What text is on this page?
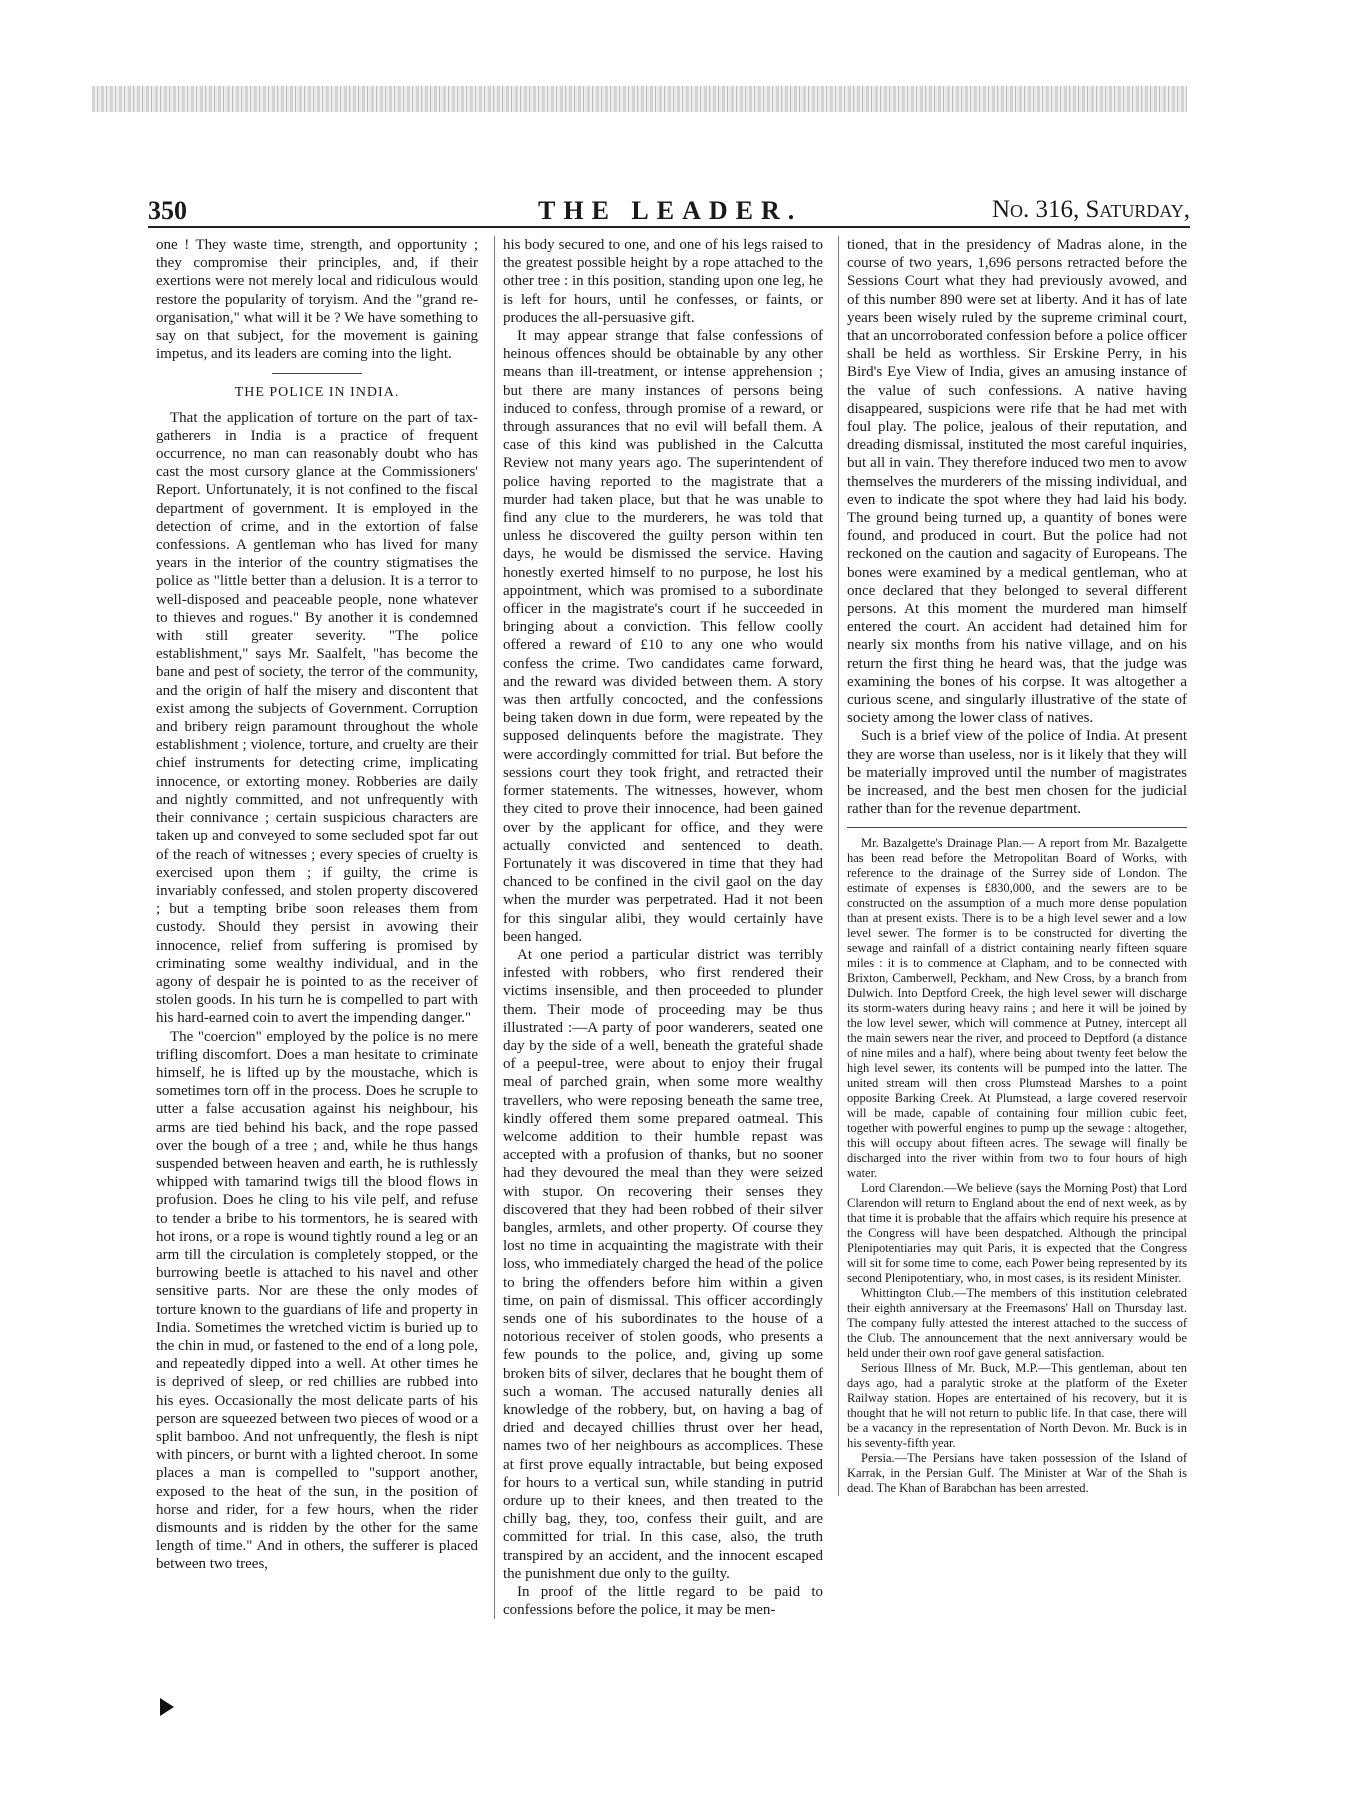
350	THE LEADER.	No. 316, Saturday,

one ! They waste time, strength, and opportunity ; they compromise their principles, and, if their exertions were not merely local and ridiculous would restore the popularity of toryism. And the "grand re-organisation," what will it be ? We have something to say on that subject, for the movement is gaining impetus, and its leaders are coming into the light.

THE POLICE IN INDIA.

That the application of torture on the part of tax-gatherers in India is a practice of frequent occurrence, no man can reasonably doubt who has cast the most cursory glance at the Commissioners' Report. Unfortunately, it is not confined to the fiscal department of government. It is employed in the detection of crime, and in the extortion of false confessions. A gentleman who has lived for many years in the interior of the country stigmatises the police as "little better than a delusion. It is a terror to well-disposed and peaceable people, none whatever to thieves and rogues." By another it is condemned with still greater severity. "The police establishment," says Mr. Saalfelt, "has become the bane and pest of society, the terror of the community, and the origin of half the misery and discontent that exist among the subjects of Government. Corruption and bribery reign paramount throughout the whole establishment ; violence, torture, and cruelty are their chief instruments for detecting crime, implicating innocence, or extorting money. Robberies are daily and nightly committed, and not unfrequently with their connivance ; certain suspicious characters are taken up and conveyed to some secluded spot far out of the reach of witnesses ; every species of cruelty is exercised upon them ; if guilty, the crime is invariably confessed, and stolen property discovered ; but a tempting bribe soon releases them from custody. Should they persist in avowing their innocence, relief from suffering is promised by criminating some wealthy individual, and in the agony of despair he is pointed to as the receiver of stolen goods. In his turn he is compelled to part with his hard-earned coin to avert the impending danger."

The "coercion" employed by the police is no mere trifling discomfort. Does a man hesitate to criminate himself, he is lifted up by the moustache, which is sometimes torn off in the process. Does he scruple to utter a false accusation against his neighbour, his arms are tied behind his back, and the rope passed over the bough of a tree ; and, while he thus hangs suspended between heaven and earth, he is ruthlessly whipped with tamarind twigs till the blood flows in profusion. Does he cling to his vile pelf, and refuse to tender a bribe to his tormentors, he is seared with hot irons, or a rope is wound tightly round a leg or an arm till the circulation is completely stopped, or the burrowing beetle is attached to his navel and other sensitive parts. Nor are these the only modes of torture known to the guardians of life and property in India. Sometimes the wretched victim is buried up to the chin in mud, or fastened to the end of a long pole, and repeatedly dipped into a well. At other times he is deprived of sleep, or red chillies are rubbed into his eyes. Occasionally the most delicate parts of his person are squeezed between two pieces of wood or a split bamboo. And not unfrequently, the flesh is nipt with pincers, or burnt with a lighted cheroot. In some places a man is compelled to "support another, exposed to the heat of the sun, in the position of horse and rider, for a few hours, when the rider dismounts and is ridden by the other for the same length of time." And in others, the sufferer is placed between two trees,

his body secured to one, and one of his legs raised to the greatest possible height by a rope attached to the other tree : in this position, standing upon one leg, he is left for hours, until he confesses, or faints, or produces the all-persuasive gift.

It may appear strange that false confessions of heinous offences should be obtainable by any other means than ill-treatment, or intense apprehension ; but there are many instances of persons being induced to confess, through promise of a reward, or through assurances that no evil will befall them. A case of this kind was published in the Calcutta Review not many years ago. The superintendent of police having reported to the magistrate that a murder had taken place, but that he was unable to find any clue to the murderers, he was told that unless he discovered the guilty person within ten days, he would be dismissed the service. Having honestly exerted himself to no purpose, he lost his appointment, which was promised to a subordinate officer in the magistrate's court if he succeeded in bringing about a conviction. This fellow coolly offered a reward of £10 to any one who would confess the crime. Two candidates came forward, and the reward was divided between them. A story was then artfully concocted, and the confessions being taken down in due form, were repeated by the supposed delinquents before the magistrate. They were accordingly committed for trial. But before the sessions court they took fright, and retracted their former statements. The witnesses, however, whom they cited to prove their innocence, had been gained over by the applicant for office, and they were actually convicted and sentenced to death. Fortunately it was discovered in time that they had chanced to be confined in the civil gaol on the day when the murder was perpetrated. Had it not been for this singular alibi, they would certainly have been hanged.

At one period a particular district was terribly infested with robbers, who first rendered their victims insensible, and then proceeded to plunder them. Their mode of proceeding may be thus illustrated :—A party of poor wanderers, seated one day by the side of a well, beneath the grateful shade of a peepul-tree, were about to enjoy their frugal meal of parched grain, when some more wealthy travellers, who were reposing beneath the same tree, kindly offered them some prepared oatmeal. This welcome addition to their humble repast was accepted with a profusion of thanks, but no sooner had they devoured the meal than they were seized with stupor. On recovering their senses they discovered that they had been robbed of their silver bangles, armlets, and other property. Of course they lost no time in acquainting the magistrate with their loss, who immediately charged the head of the police to bring the offenders before him within a given time, on pain of dismissal. This officer accordingly sends one of his subordinates to the house of a notorious receiver of stolen goods, who presents a few pounds to the police, and, giving up some broken bits of silver, declares that he bought them of such a woman. The accused naturally denies all knowledge of the robbery, but, on having a bag of dried and decayed chillies thrust over her head, names two of her neighbours as accomplices. These at first prove equally intractable, but being exposed for hours to a vertical sun, while standing in putrid ordure up to their knees, and then treated to the chilly bag, they, too, confess their guilt, and are committed for trial. In this case, also, the truth transpired by an accident, and the innocent escaped the punishment due only to the guilty.

In proof of the little regard to be paid to confessions before the police, it may be men-

tioned, that in the presidency of Madras alone, in the course of two years, 1,696 persons retracted before the Sessions Court what they had previously avowed, and of this number 890 were set at liberty. And it has of late years been wisely ruled by the supreme criminal court, that an uncorroborated confession before a police officer shall be held as worthless. Sir Erskine Perry, in his Bird's Eye View of India, gives an amusing instance of the value of such confessions. A native having disappeared, suspicions were rife that he had met with foul play. The police, jealous of their reputation, and dreading dismissal, instituted the most careful inquiries, but all in vain. They therefore induced two men to avow themselves the murderers of the missing individual, and even to indicate the spot where they had laid his body. The ground being turned up, a quantity of bones were found, and produced in court. But the police had not reckoned on the caution and sagacity of Europeans. The bones were examined by a medical gentleman, who at once declared that they belonged to several different persons. At this moment the murdered man himself entered the court. An accident had detained him for nearly six months from his native village, and on his return the first thing he heard was, that the judge was examining the bones of his corpse. It was altogether a curious scene, and singularly illustrative of the state of society among the lower class of natives.

Such is a brief view of the police of India. At present they are worse than useless, nor is it likely that they will be materially improved until the number of magistrates be increased, and the best men chosen for the judicial rather than for the revenue department.

Mr. Bazalgette's Drainage Plan.— A report from Mr. Bazalgette has been read before the Metropolitan Board of Works, with reference to the drainage of the Surrey side of London. The estimate of expenses is £830,000, and the sewers are to be constructed on the assumption of a much more dense population than at present exists. There is to be a high level sewer and a low level sewer. The former is to be constructed for diverting the sewage and rainfall of a district containing nearly fifteen square miles : it is to commence at Clapham, and to be connected with Brixton, Camberwell, Peckham, and New Cross, by a branch from Dulwich. Into Deptford Creek, the high level sewer will discharge its storm-waters during heavy rains ; and here it will be joined by the low level sewer, which will commence at Putney, intercept all the main sewers near the river, and proceed to Deptford (a distance of nine miles and a half), where being about twenty feet below the high level sewer, its contents will be pumped into the latter. The united stream will then cross Plumstead Marshes to a point opposite Barking Creek. At Plumstead, a large covered reservoir will be made, capable of containing four million cubic feet, together with powerful engines to pump up the sewage : altogether, this will occupy about fifteen acres. The sewage will finally be discharged into the river within from two to four hours of high water.

Lord Clarendon.—We believe (says the Morning Post) that Lord Clarendon will return to England about the end of next week, as by that time it is probable that the affairs which require his presence at the Congress will have been despatched. Although the principal Plenipotentiaries may quit Paris, it is expected that the Congress will sit for some time to come, each Power being represented by its second Plenipotentiary, who, in most cases, is its resident Minister.

Whittington Club.—The members of this institution celebrated their eighth anniversary at the Freemasons' Hall on Thursday last. The company fully attested the interest attached to the success of the Club. The announcement that the next anniversary would be held under their own roof gave general satisfaction.

Serious Illness of Mr. Buck, M.P.—This gentleman, about ten days ago, had a paralytic stroke at the platform of the Exeter Railway station. Hopes are entertained of his recovery, but it is thought that he will not return to public life. In that case, there will be a vacancy in the representation of North Devon. Mr. Buck is in his seventy-fifth year.

Persia.—The Persians have taken possession of the Island of Karrak, in the Persian Gulf. The Minister at War of the Shah is dead. The Khan of Barabchan has been arrested.
